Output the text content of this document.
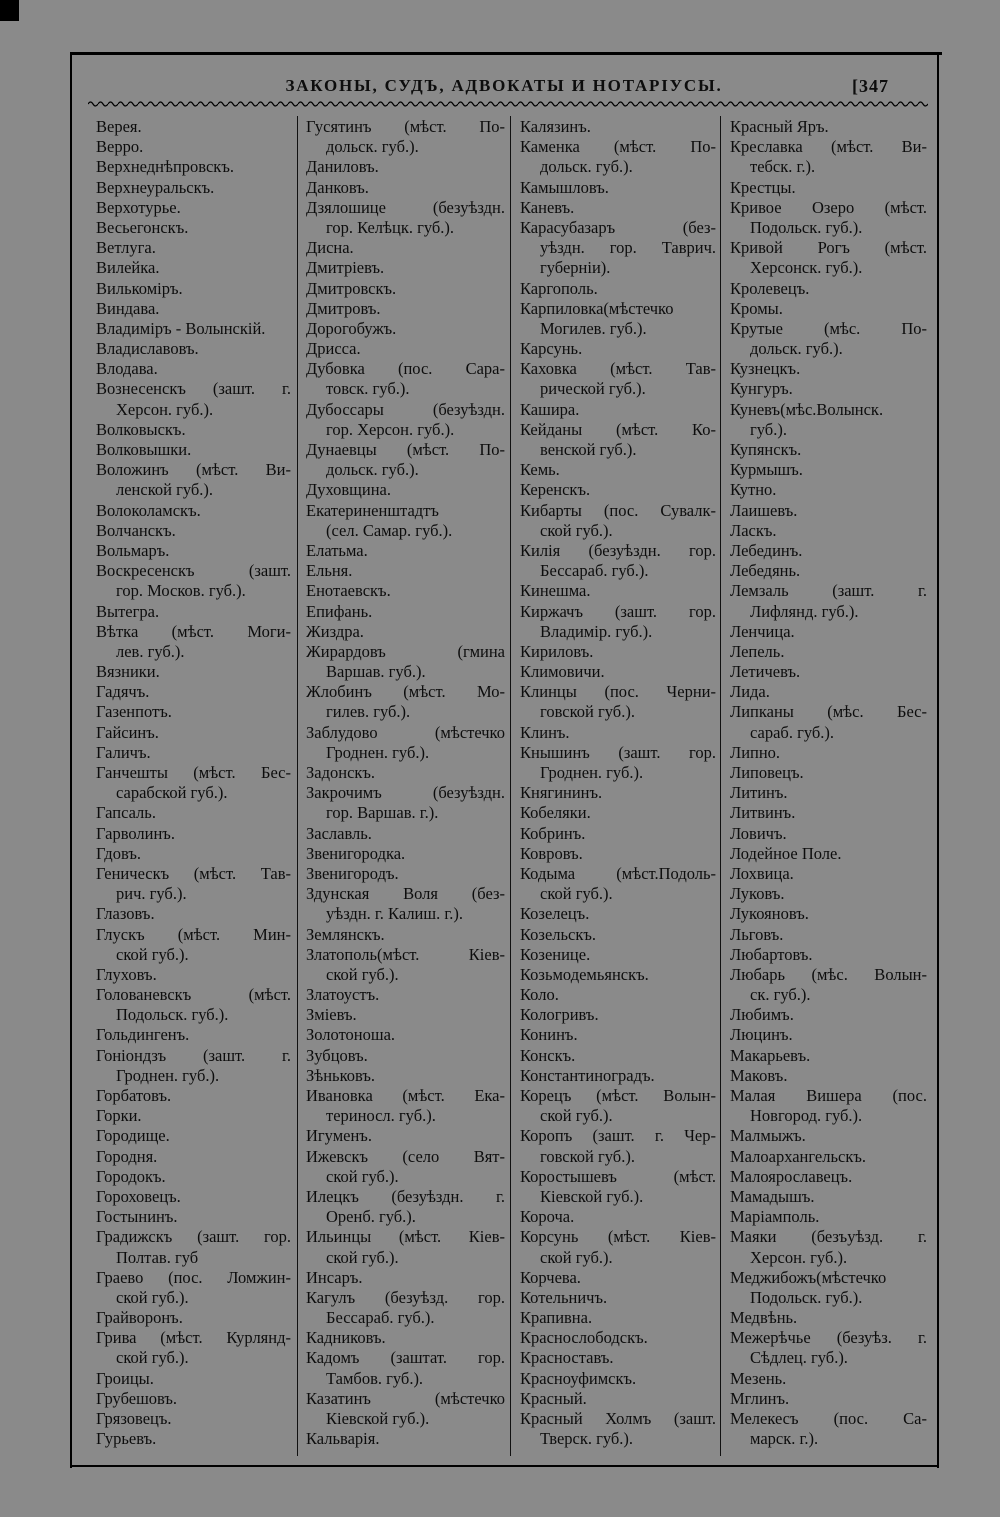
ЗАКОНЫ, СУДЪ, АДВОКАТЫ И НОТАРІУСЫ.	[347
Верея.
Верро.
Верхнеднѣпровскъ.
Верхнеуральскъ.
Верхотурье.
Весьегонскъ.
Ветлуга.
Вилейка.
Вилькоміръ.
Виндава.
Владиміръ - Волынскій.
Владиславовъ.
Влодава.
Вознесенскъ (зашт. г.
Херсон. губ.).
Волковыскъ.
Волковышки.
Воложинъ (мѣст. Ви-
ленской губ.).
Волоколамскъ.
Волчанскъ.
Вольмаръ.
Воскресенскъ (зашт.
гор. Москов. губ.).
Вытегра.
Вѣтка (мѣст. Моги-
лев. губ.).
Вязники.
Гадячъ.
Газенпотъ.
Гайсинъ.
Галичъ.
Ганчешты (мѣст. Бес-
сарабской губ.).
Гапсаль.
Гарволинъ.
Гдовъ.
Геническъ (мѣст. Тав-
рич. губ.).
Глазовъ.
Глускъ (мѣст. Мин-
ской губ.).
Глуховъ.
Голованевскъ (мѣст.
Подольск. губ.).
Гольдингенъ.
Гоніондзъ (зашт. г.
Гроднен. губ.).
Горбатовъ.
Горки.
Городище.
Городня.
Городокъ.
Гороховецъ.
Гостынинъ.
Градижскъ (зашт. гор.
Полтав. губ
Граево (пос. Ломжин-
ской губ.).
Грайворонъ.
Грива (мѣст. Курлянд-
ской губ.).
Гроицы.
Грубешовъ.
Грязовецъ.
Гурьевъ.
Гусятинъ (мѣст. По-
дольск. губ.).
Даниловъ.
Данковъ.
Дзялошице (безуѣздн.
гор. Келѣцк. губ.).
Дисна.
Дмитріевъ.
Дмитровскъ.
Дмитровъ.
Дорогобужъ.
Дрисса.
Дубовка (пос. Сара-
товск. губ.).
Дубоссары (безуѣздн.
гор. Херсон. губ.).
Дунаевцы (мѣст. По-
дольск. губ.).
Духовщина.
Екатериненштадтъ
(сел. Самар. губ.).
Елатьма.
Ельня.
Енотаевскъ.
Епифань.
Жиздра.
Жирардовъ (гмина
Варшав. губ.).
Жлобинъ (мѣст. Мо-
гилев. губ.).
Заблудово (мѣстечко
Гроднен. губ.).
Задонскъ.
Закрочимъ (безуѣздн.
гор. Варшав. г.).
Заславль.
Звенигородка.
Звенигородъ.
Здунская Воля (без-
уѣздн. г. Калиш. г.).
Землянскъ.
Златополь(мѣст. Кіев-
ской губ.).
Златоустъ.
Зміевъ.
Золотоноша.
Зубцовъ.
Зѣньковъ.
Ивановка (мѣст. Ека-
териносл. губ.).
Игуменъ.
Ижевскъ (село Вят-
ской губ.).
Илецкъ (безуѣздн. г.
Оренб. губ.).
Ильинцы (мѣст. Кіев-
ской губ.).
Инсаръ.
Кагулъ (безуѣзд. гор.
Бессараб. губ.).
Кадниковъ.
Кадомъ (заштат. гор.
Тамбов. губ.).
Казатинъ (мѣстечко
Кіевской губ.).
Кальварія.
Калязинъ.
Каменка (мѣст. По-
дольск. губ.).
Камышловъ.
Каневъ.
Карасубазаръ (без-
уѣздн. гор. Таврич.
губерніи).
Каргополь.
Карпиловка(мѣстечко
Могилев. губ.).
Карсунь.
Каховка (мѣст. Тав-
рической губ.).
Кашира.
Кейданы (мѣст. Ко-
венской губ.).
Кемь.
Керенскъ.
Кибарты (пос. Сувалк-
ской губ.).
Килія (безуѣздн. гор.
Бессараб. губ.).
Кинешма.
Киржачъ (зашт. гор.
Владимір. губ.).
Кириловъ.
Климовичи.
Клинцы (пос. Черни-
говской губ.).
Клинъ.
Кнышинъ (зашт. гор.
Гроднен. губ.).
Княгининъ.
Кобеляки.
Кобринъ.
Ковровъ.
Кодыма (мѣст.Подоль-
ской губ.).
Козелецъ.
Козельскъ.
Козенице.
Козьмодемьянскъ.
Коло.
Кологривъ.
Конинъ.
Конскъ.
Константиноградъ.
Корецъ (мѣст. Волын-
ской губ.).
Коропъ (зашт. г. Чер-
говской губ.).
Коростышевъ (мѣст.
Кіевской губ.).
Короча.
Корсунь (мѣст. Кіев-
ской губ.).
Корчева.
Котельничъ.
Крапивна.
Краснослободскъ.
Красноставъ.
Красноуфимскъ.
Красный.
Красный Холмъ (зашт.
Тверск. губ.).
Красный Яръ.
Креславка (мѣст. Ви-
тебск. г.).
Крестцы.
Кривое Озеро (мѣст.
Подольск. губ.).
Кривой Рогъ (мѣст.
Херсонск. губ.).
Кролевецъ.
Кромы.
Крутые (мѣс. По-
дольск. губ.).
Кузнецкъ.
Кунгуръ.
Куневъ(мѣс.Волынск.
губ.).
Купянскъ.
Курмышъ.
Кутно.
Лаишевъ.
Ласкъ.
Лебединъ.
Лебедянь.
Лемзаль (зашт. г.
Лифлянд. губ.).
Ленчица.
Лепель.
Летичевъ.
Лида.
Липканы (мѣс. Бес-
сараб. губ.).
Липно.
Липовецъ.
Литинъ.
Литвинъ.
Ловичъ.
Лодейное Поле.
Лохвица.
Луковъ.
Лукояновъ.
Льговъ.
Любартовъ.
Любарь (мѣс. Волын-
ск. губ.).
Любимъ.
Люцинъ.
Макарьевъ.
Маковъ.
Малая Вишера (пос.
Новгород. губ.).
Малмыжъ.
Малоархангельскъ.
Малоярославецъ.
Мамадышъ.
Маріамполь.
Маяки (безъуѣзд. г.
Херсон. губ.).
Меджибожъ(мѣстечко
Подольск. губ.).
Медвѣнь.
Межерѣчье (безуѣз. г.
Сѣдлец. губ.).
Мезень.
Мглинъ.
Мелекесъ (пос. Са-
марск. г.).
